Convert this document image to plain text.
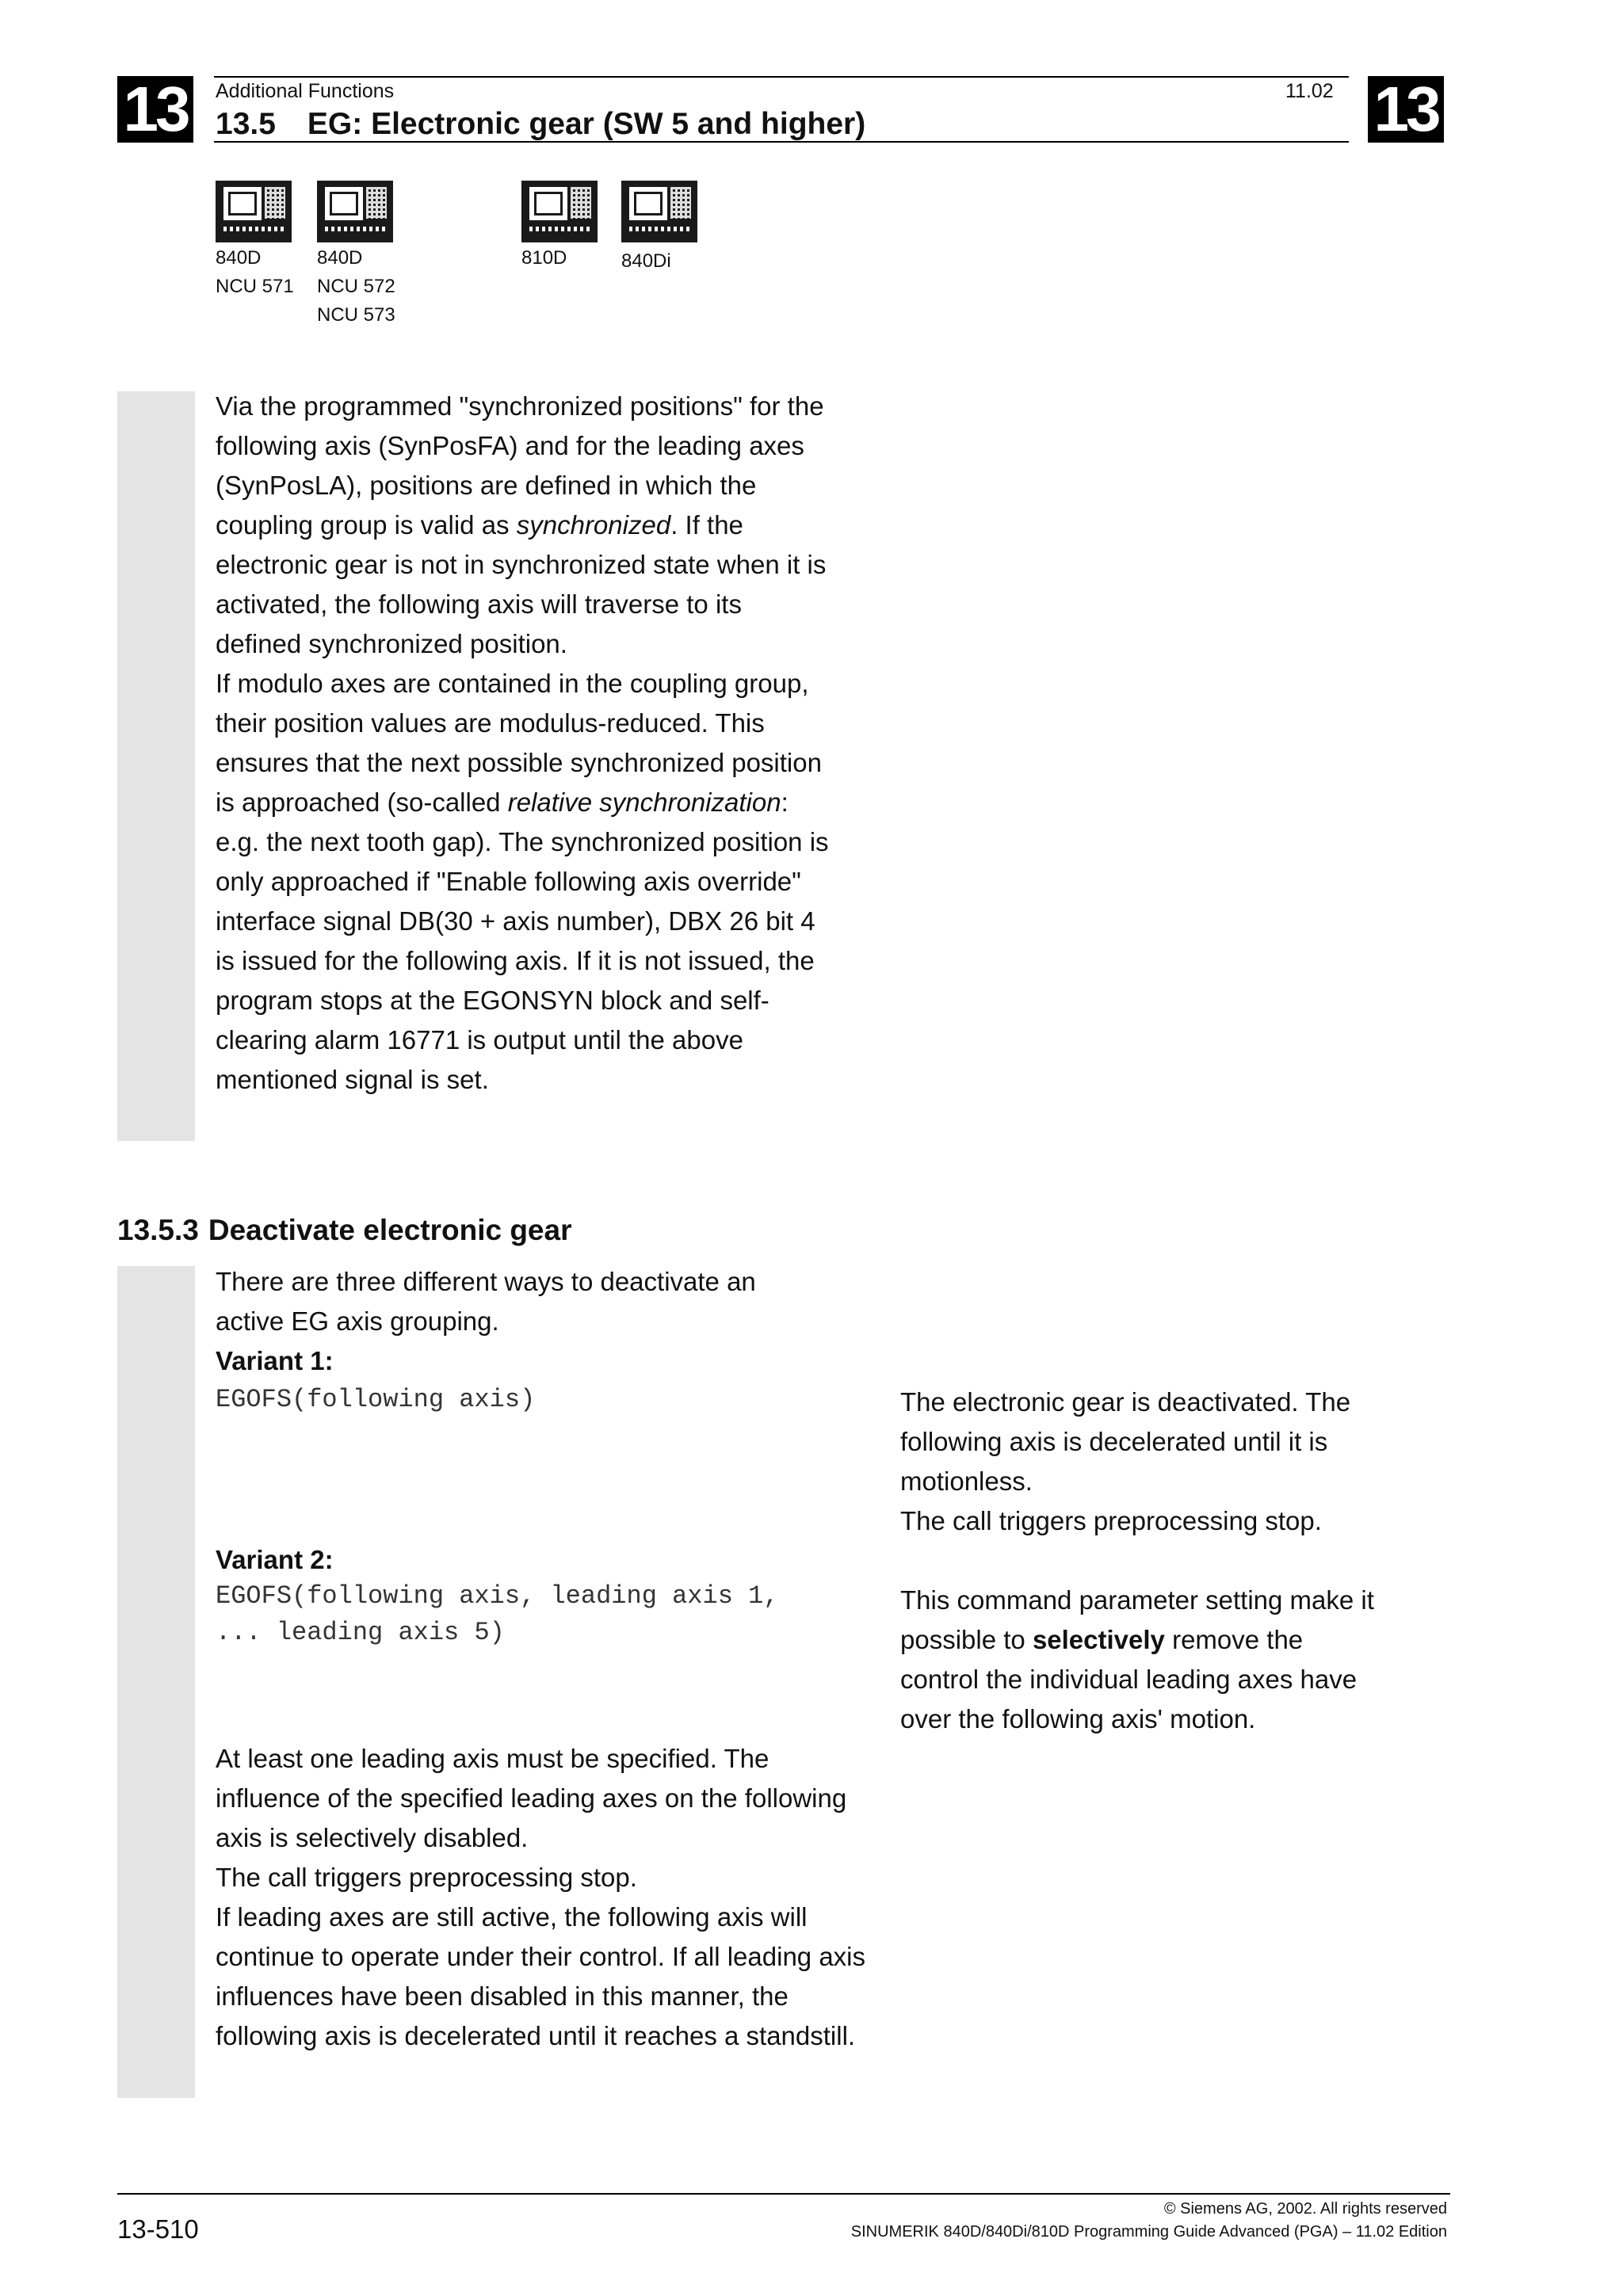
13	13
Additional Functions	11.02
13.5 EG: Electronic gear (SW 5 and higher)
840D
NCU 571
840D
NCU 572
NCU 573
810D	840Di
Via the programmed "synchronized positions" for the
following axis (SynPosFA) and for the leading axes
(SynPosLA), positions are defined in which the
coupling group is valid as synchronized. If the
electronic gear is not in synchronized state when it is
activated, the following axis will traverse to its
defined synchronized position.
If modulo axes are contained in the coupling group,
their position values are modulus-reduced. This
ensures that the next possible synchronized position
is approached (so-called relative synchronization:
e.g. the next tooth gap). The synchronized position is
only approached if "Enable following axis override"
interface signal DB(30 + axis number), DBX 26 bit 4
is issued for the following axis. If it is not issued, the
program stops at the EGONSYN block and self-
clearing alarm 16771 is output until the above
mentioned signal is set.
13.5.3 Deactivate electronic gear
There are three different ways to deactivate an
active EG axis grouping.
Variant 1:
EGOFS(following axis)	The electronic gear is deactivated. The
following axis is decelerated until it is
motionless.
The call triggers preprocessing stop.
Variant 2:
EGOFS(following axis, leading axis 1,
... leading axis 5)
This command parameter setting make it
possible to selectively remove the
control the individual leading axes have
over the following axis' motion.
At least one leading axis must be specified. The
influence of the specified leading axes on the following
axis is selectively disabled.
The call triggers preprocessing stop.
If leading axes are still active, the following axis will
continue to operate under their control. If all leading axis
influences have been disabled in this manner, the
following axis is decelerated until it reaches a standstill.
13-510
© Siemens AG, 2002. All rights reserved
SINUMERIK 840D/840Di/810D Programming Guide Advanced (PGA) – 11.02 Edition
